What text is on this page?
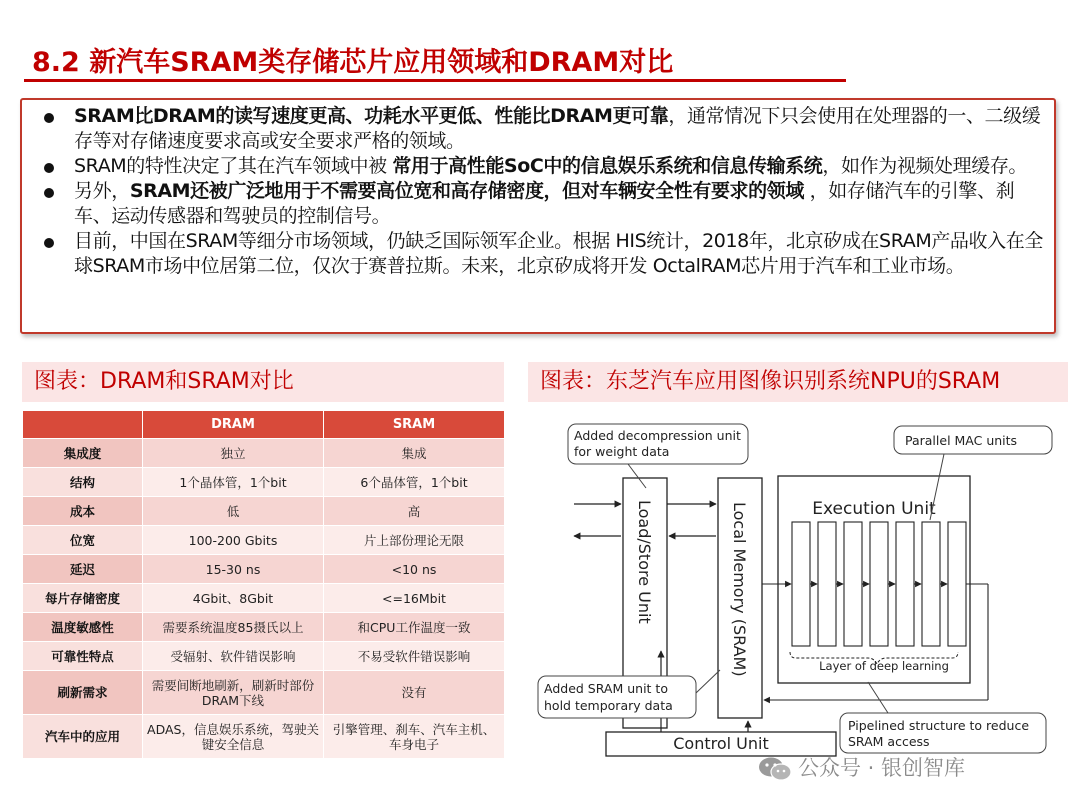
8.2 新汽车SRAM类存储芯片应用领域和DRAM对比
SRAM比DRAM的读写速度更高、功耗水平更低、性能比DRAM更可靠，通常情况下只会使用在处理器的一、二级缓存等对存储速度要求高或安全要求严格的领域。
SRAM的特性决定了其在汽车领域中被 常用于高性能SoC中的信息娱乐系统和信息传输系统，如作为视频处理缓存。
另外，SRAM还被广泛地用于不需要高位宽和高存储密度，但对车辆安全性有要求的领域 ，如存储汽车的引擎、刹车、运动传感器和驾驶员的控制信号。
目前，中国在SRAM等细分市场领域，仍缺乏国际领军企业。根据 HIS统计，2018年，北京矽成在SRAM产品收入在全球SRAM市场中位居第二位，仅次于赛普拉斯。未来，北京矽成将开发 OctalRAM芯片用于汽车和工业市场。
图表：DRAM和SRAM对比	图表：东芝汽车应用图像识别系统NPU的SRAM
	DRAM	SRAM
集成度	独立	集成
结构	1个晶体管，1个bit	6个晶体管，1个bit
成本	低	高
位宽	100-200 Gbits	片上部份理论无限
延迟	15-30 ns	<10 ns
每片存储密度	4Gbit、8Gbit	<=16Mbit
温度敏感性	需要系统温度85摄氏以上	和CPU工作温度一致
可靠性特点	受辐射、软件错误影响	不易受软件错误影响
刷新需求	需要间断地刷新，刷新时部份DRAM下线	没有
汽车中的应用	ADAS，信息娱乐系统，驾驶关键安全信息	引擎管理、刹车、汽车主机、车身电子
Load/Store Unit	Local Memory (SRAM)	Execution Unit
Layer of deep learning
Control Unit
Added decompression unit
for weight data
Parallel MAC units
Added SRAM unit to
hold temporary data
Pipelined structure to reduce
SRAM access
公众号 · 银创智库
